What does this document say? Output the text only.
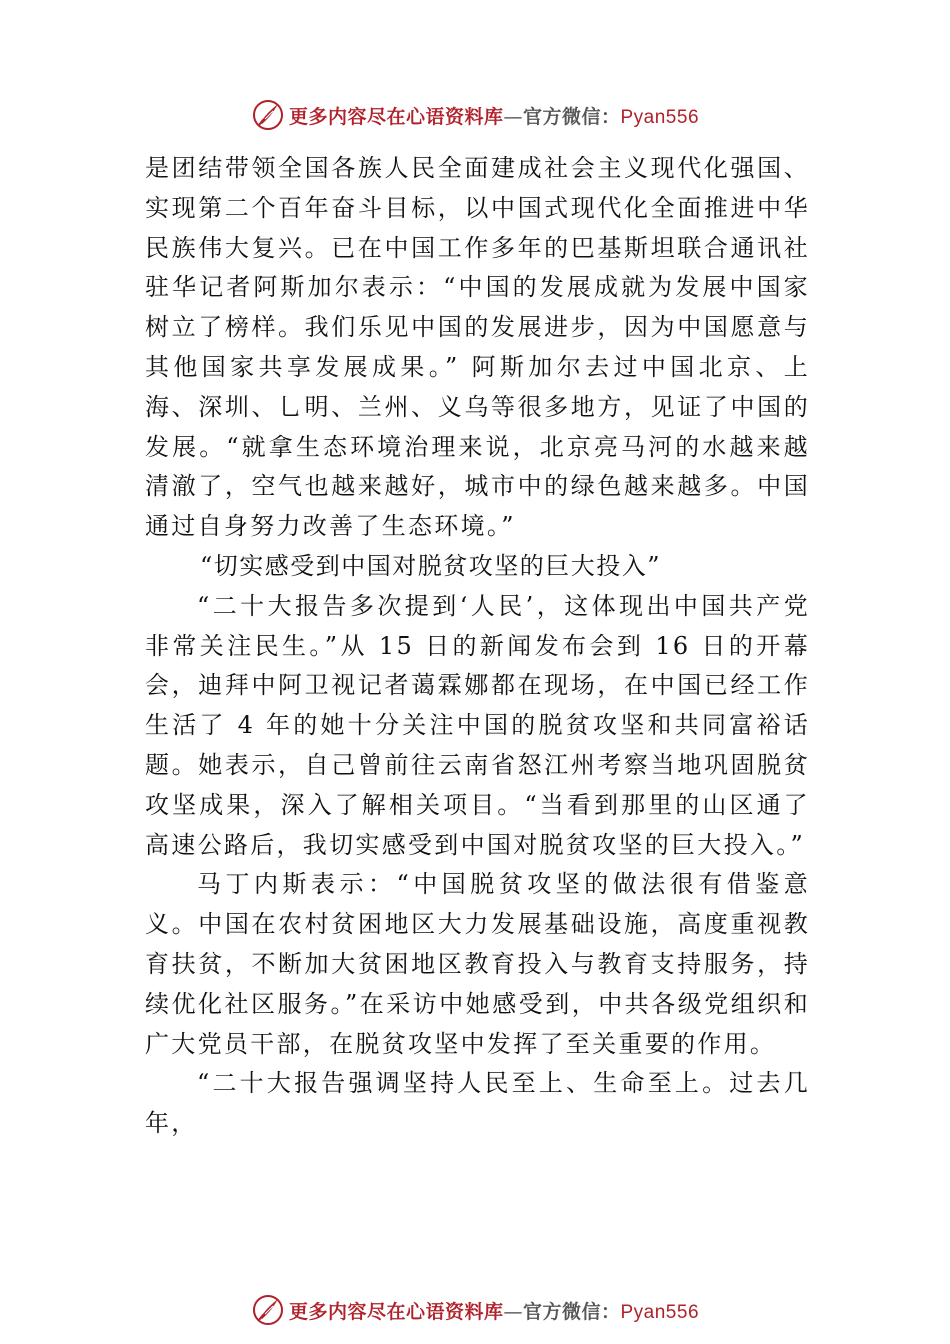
更多内容尽在心语资料库—官方微信：Pyan556

是团结带领全国各族人民全面建成社会主义现代化强国、实现第二个百年奋斗目标，以中国式现代化全面推进中华民族伟大复兴。已在中国工作多年的巴基斯坦联合通讯社驻华记者阿斯加尔表示：“中国的发展成就为发展中国家树立了榜样。我们乐见中国的发展进步，因为中国愿意与其他国家共享发展成果。” 阿斯加尔去过中国北京、上海、深圳、⺃明、兰州、义乌等很多地方，见证了中国的发展。“就拿生态环境治理来说，北京亮马河的水越来越清澈了，空气也越来越好，城市中的绿色越来越多。中国通过自身努力改善了生态环境。”

“切实感受到中国对脱贫攻坚的巨大投入”

“二十大报告多次提到‘人民’，这体现出中国共产党非常关注民生。”从 15 日的新闻发布会到 16 日的开幕会，迪拜中阿卫视记者蔼霖娜都在现场，在中国已经工作生活了 4 年的她十分关注中国的脱贫攻坚和共同富裕话题。她表示，自己曾前往云南省怒江州考察当地巩固脱贫攻坚成果，深入了解相关项目。“当看到那里的山区通了高速公路后，我切实感受到中国对脱贫攻坚的巨大投入。”

马丁内斯表示：“中国脱贫攻坚的做法很有借鉴意义。中国在农村贫困地区大力发展基础设施，高度重视教育扶贫，不断加大贫困地区教育投入与教育支持服务，持续优化社区服务。”在采访中她感受到，中共各级党组织和广大党员干部，在脱贫攻坚中发挥了至关重要的作用。

“二十大报告强调坚持人民至上、生命至上。过去几年，

更多内容尽在心语资料库—官方微信：Pyan556
